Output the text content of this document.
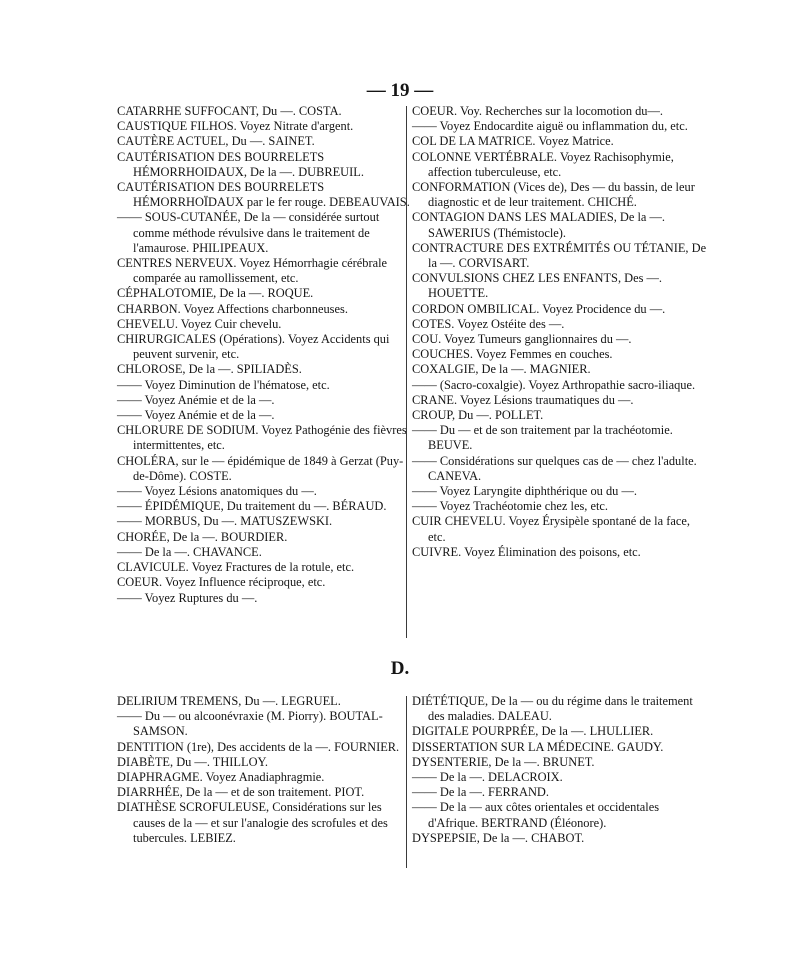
— 19 —
CATARRHE SUFFOCANT, Du —. COSTA.
CAUSTIQUE FILHOS. Voyez Nitrate d'argent.
CAUTÈRE ACTUEL, Du —. SAINET.
CAUTÉRISATION DES BOURRELETS HÉMORRHOIDAUX, De la —. DUBREUIL.
CAUTÉRISATION DES BOURRELETS HÉMORRHOÏDAUX par le fer rouge. DEBEAUVAIS.
—— SOUS-CUTANÉE, De la — considérée surtout comme méthode révulsive dans le traitement de l'amaurose. PHILIPEAUX.
CENTRES NERVEUX. Voyez Hémorrhagie cérébrale comparée au ramollissement, etc.
CÉPHALOTOMIE, De la —. ROQUE.
CHARBON. Voyez Affections charbonneuses.
CHEVELU. Voyez Cuir chevelu.
CHIRURGICALES (Opérations). Voyez Accidents qui peuvent survenir, etc.
CHLOROSE, De la —. SPILIADÈS.
—— Voyez Diminution de l'hématose, etc.
—— Voyez Anémie et de la —.
—— Voyez Anémie et de la —.
CHLORURE DE SODIUM. Voyez Pathogénie des fièvres intermittentes, etc.
CHOLÉRA, sur le — épidémique de 1849 à Gerzat (Puy-de-Dôme). COSTE.
—— Voyez Lésions anatomiques du —.
—— ÉPIDÉMIQUE, Du traitement du —. BÉRAUD.
—— MORBUS, Du —. MATUSZEWSKI.
CHORÉE, De la —. BOURDIER.
—— De la —. CHAVANCE.
CLAVICULE. Voyez Fractures de la rotule, etc.
COEUR. Voyez Influence réciproque, etc.
—— Voyez Ruptures du —.
COEUR. Voy. Recherches sur la locomotion du—.
—— Voyez Endocardite aiguë ou inflammation du, etc.
COL DE LA MATRICE. Voyez Matrice.
COLONNE VERTÉBRALE. Voyez Rachisophymie, affection tuberculeuse, etc.
CONFORMATION (Vices de), Des — du bassin, de leur diagnostic et de leur traitement. CHICHÉ.
CONTAGION DANS LES MALADIES, De la —. SAWERIUS (Thémistocle).
CONTRACTURE DES EXTRÉMITÉS OU TÉTANIE, De la —. CORVISART.
CONVULSIONS CHEZ LES ENFANTS, Des —. HOUETTE.
CORDON OMBILICAL. Voyez Procidence du —.
COTES. Voyez Ostéite des —.
COU. Voyez Tumeurs ganglionnaires du —.
COUCHES. Voyez Femmes en couches.
COXALGIE, De la —. MAGNIER.
—— (Sacro-coxalgie). Voyez Arthropathie sacro-iliaque.
CRANE. Voyez Lésions traumatiques du —.
CROUP, Du —. POLLET.
—— Du — et de son traitement par la trachéotomie. BEUVE.
—— Considérations sur quelques cas de — chez l'adulte. CANEVA.
—— Voyez Laryngite diphthérique ou du —.
—— Voyez Trachéotomie chez les, etc.
CUIR CHEVELU. Voyez Érysipèle spontané de la face, etc.
CUIVRE. Voyez Élimination des poisons, etc.
D.
DELIRIUM TREMENS, Du —. LEGRUEL.
—— Du — ou alcoonévraxie (M. Piorry). BOUTAL-SAMSON.
DENTITION (1re), Des accidents de la —. FOURNIER.
DIABÈTE, Du —. THILLOY.
DIAPHRAGME. Voyez Anadiaphragmie.
DIARRHÉE, De la — et de son traitement. PIOT.
DIATHÈSE SCROFULEUSE, Considérations sur les causes de la — et sur l'analogie des scrofules et des tubercules. LEBIEZ.
DIÉTÉTIQUE, De la — ou du régime dans le traitement des maladies. DALEAU.
DIGITALE POURPRÉE, De la —. LHULLIER.
DISSERTATION SUR LA MÉDECINE. GAUDY.
DYSENTERIE, De la —. BRUNET.
—— De la —. DELACROIX.
—— De la —. FERRAND.
—— De la — aux côtes orientales et occidentales d'Afrique. BERTRAND (Éléonore).
DYSPEPSIE, De la —. CHABOT.
